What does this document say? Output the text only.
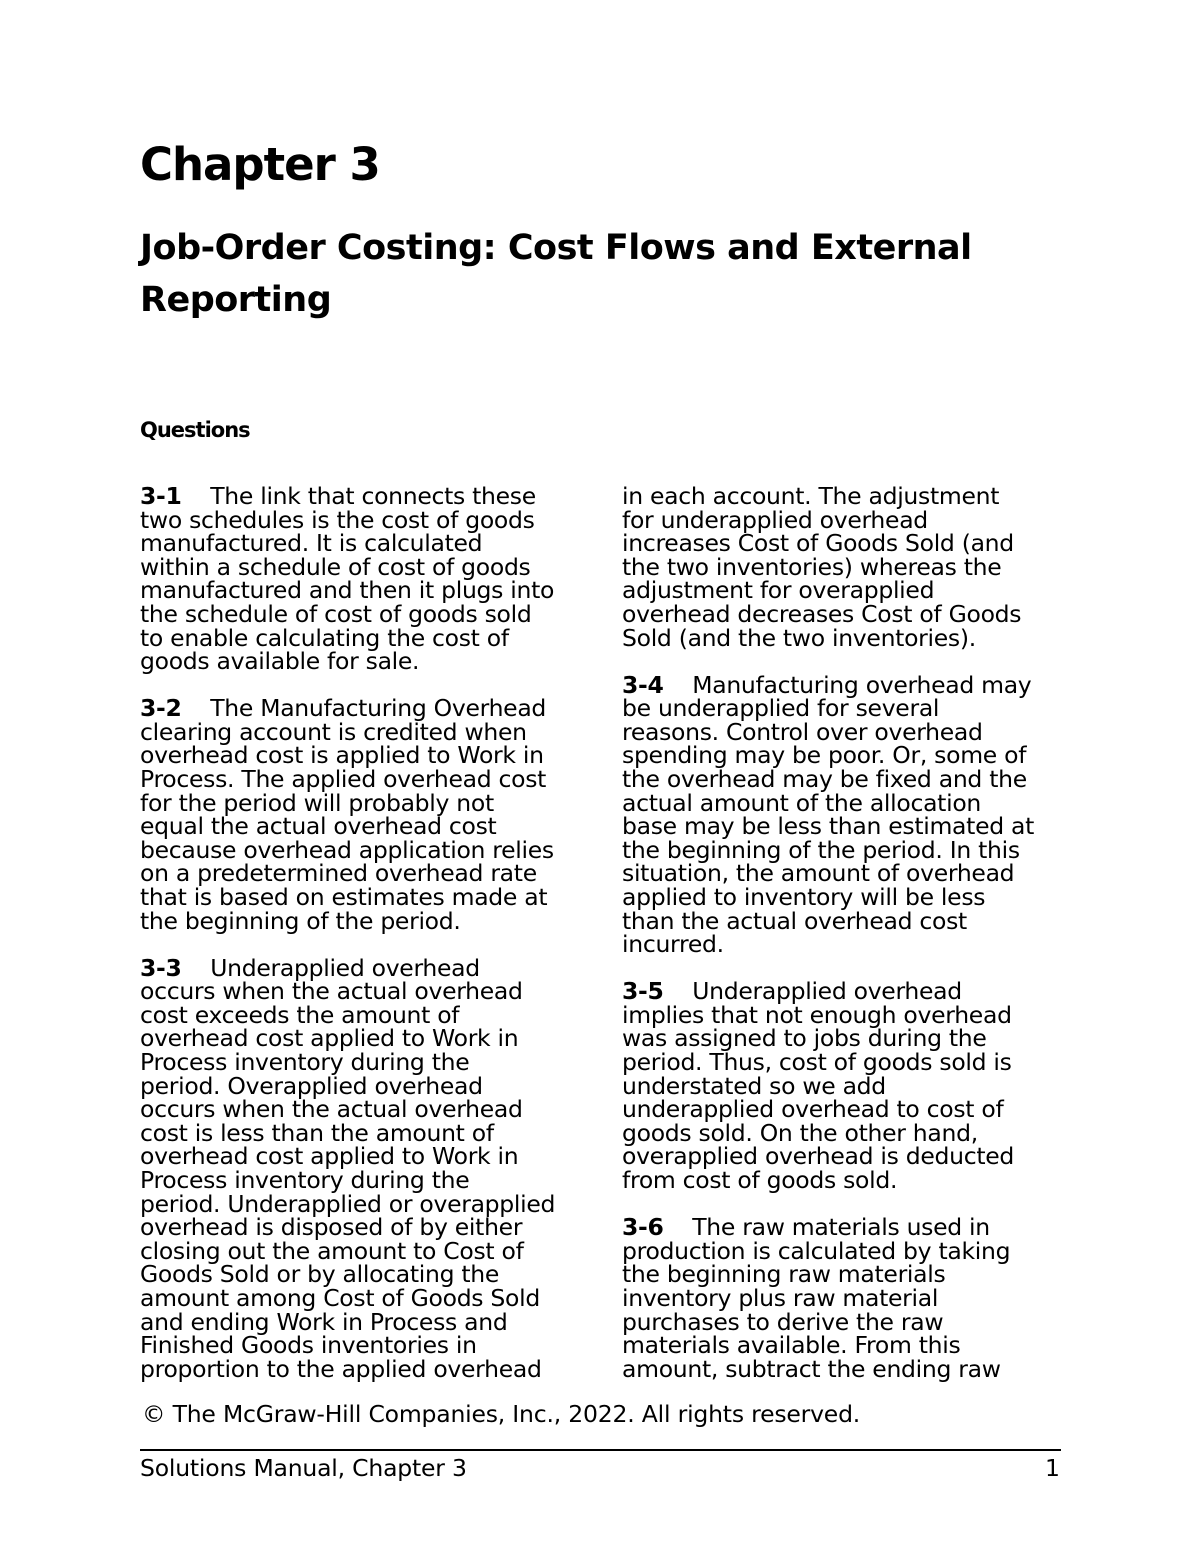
Chapter 3
Job-Order Costing: Cost Flows and External Reporting
Questions

3-1 The link that connects these
two schedules is the cost of goods
manufactured. It is calculated
within a schedule of cost of goods
manufactured and then it plugs into
the schedule of cost of goods sold
to enable calculating the cost of
goods available for sale.

3-2 The Manufacturing Overhead
clearing account is credited when
overhead cost is applied to Work in
Process. The applied overhead cost
for the period will probably not
equal the actual overhead cost
because overhead application relies
on a predetermined overhead rate
that is based on estimates made at
the beginning of the period.

3-3 Underapplied overhead
occurs when the actual overhead
cost exceeds the amount of
overhead cost applied to Work in
Process inventory during the
period. Overapplied overhead
occurs when the actual overhead
cost is less than the amount of
overhead cost applied to Work in
Process inventory during the
period. Underapplied or overapplied
overhead is disposed of by either
closing out the amount to Cost of
Goods Sold or by allocating the
amount among Cost of Goods Sold
and ending Work in Process and
Finished Goods inventories in
proportion to the applied overhead

in each account. The adjustment
for underapplied overhead
increases Cost of Goods Sold (and
the two inventories) whereas the
adjustment for overapplied
overhead decreases Cost of Goods
Sold (and the two inventories).

3-4 Manufacturing overhead may
be underapplied for several
reasons. Control over overhead
spending may be poor. Or, some of
the overhead may be fixed and the
actual amount of the allocation
base may be less than estimated at
the beginning of the period. In this
situation, the amount of overhead
applied to inventory will be less
than the actual overhead cost
incurred.

3-5 Underapplied overhead
implies that not enough overhead
was assigned to jobs during the
period. Thus, cost of goods sold is
understated so we add
underapplied overhead to cost of
goods sold. On the other hand,
overapplied overhead is deducted
from cost of goods sold.

3-6 The raw materials used in
production is calculated by taking
the beginning raw materials
inventory plus raw material
purchases to derive the raw
materials available. From this
amount, subtract the ending raw

© The McGraw-Hill Companies, Inc., 2022. All rights reserved.

Solutions Manual, Chapter 3	1
